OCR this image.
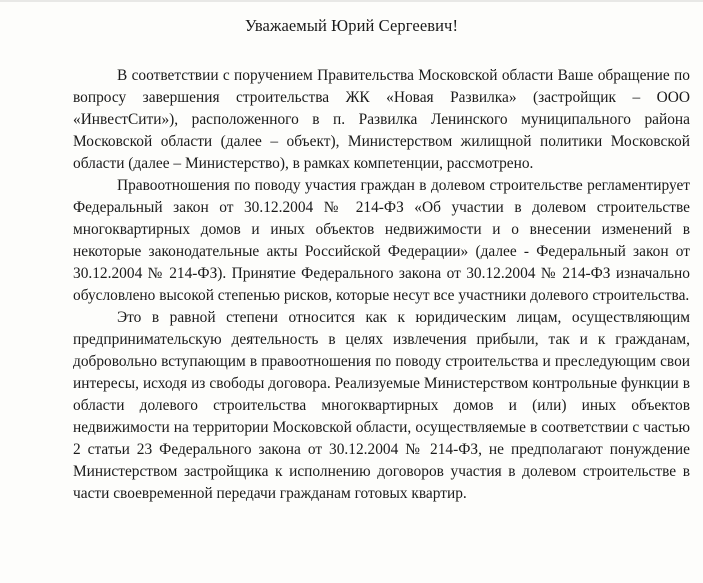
Уважаемый Юрий Сергеевич!

В соответствии с поручением Правительства Московской области Ваше обращение по вопросу завершения строительства ЖК «Новая Развилка» (застройщик – ООО «ИнвестСити»), расположенного в п. Развилка Ленинского муниципального района Московской области (далее – объект), Министерством жилищной политики Московской области (далее – Министерство), в рамках компетенции, рассмотрено.

Правоотношения по поводу участия граждан в долевом строительстве регламентирует Федеральный закон от 30.12.2004 № 214-ФЗ «Об участии в долевом строительстве многоквартирных домов и иных объектов недвижимости и о внесении изменений в некоторые законодательные акты Российской Федерации» (далее - Федеральный закон от 30.12.2004 № 214-ФЗ). Принятие Федерального закона от 30.12.2004 № 214-ФЗ изначально обусловлено высокой степенью рисков, которые несут все участники долевого строительства.

Это в равной степени относится как к юридическим лицам, осуществляющим предпринимательскую деятельность в целях извлечения прибыли, так и к гражданам, добровольно вступающим в правоотношения по поводу строительства и преследующим свои интересы, исходя из свободы договора. Реализуемые Министерством контрольные функции в области долевого строительства многоквартирных домов и (или) иных объектов недвижимости на территории Московской области, осуществляемые в соответствии с частью 2 статьи 23 Федерального закона от 30.12.2004 № 214-ФЗ, не предполагают понуждение Министерством застройщика к исполнению договоров участия в долевом строительстве в части своевременной передачи гражданам готовых квартир.
